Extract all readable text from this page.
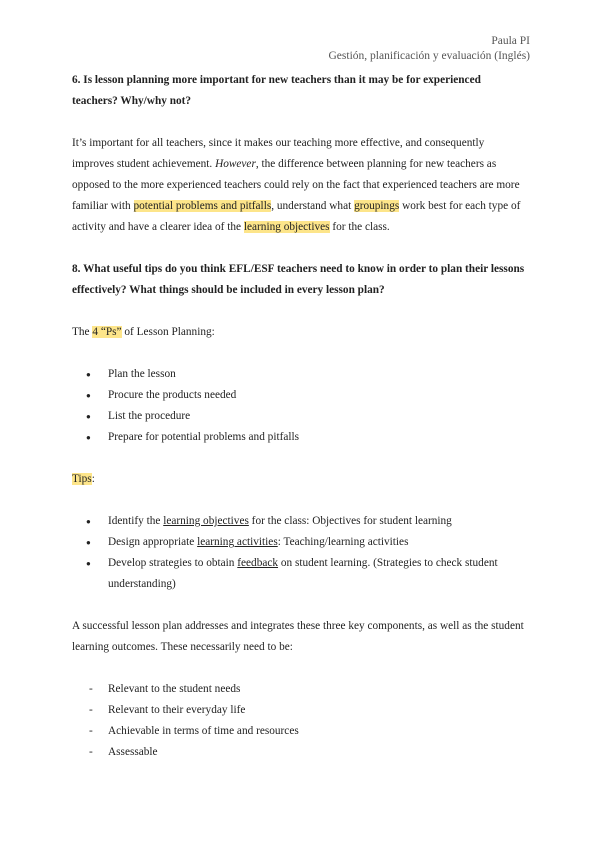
Paula PI
Gestión, planificación y evaluación (Inglés)

6. Is lesson planning more important for new teachers than it may be for experienced teachers? Why/why not?

It’s important for all teachers, since it makes our teaching more effective, and consequently improves student achievement. However, the difference between planning for new teachers as opposed to the more experienced teachers could rely on the fact that experienced teachers are more familiar with potential problems and pitfalls, understand what groupings work best for each type of activity and have a clearer idea of the learning objectives for the class.

8. What useful tips do you think EFL/ESF teachers need to know in order to plan their lessons effectively? What things should be included in every lesson plan?

The 4 “Ps” of Lesson Planning:

● Plan the lesson
● Procure the products needed
● List the procedure
● Prepare for potential problems and pitfalls

Tips:

● Identify the learning objectives for the class: Objectives for student learning
● Design appropriate learning activities: Teaching/learning activities
● Develop strategies to obtain feedback on student learning. (Strategies to check student understanding)

A successful lesson plan addresses and integrates these three key components, as well as the student learning outcomes. These necessarily need to be:

- Relevant to the student needs
- Relevant to their everyday life
- Achievable in terms of time and resources
- Assessable
